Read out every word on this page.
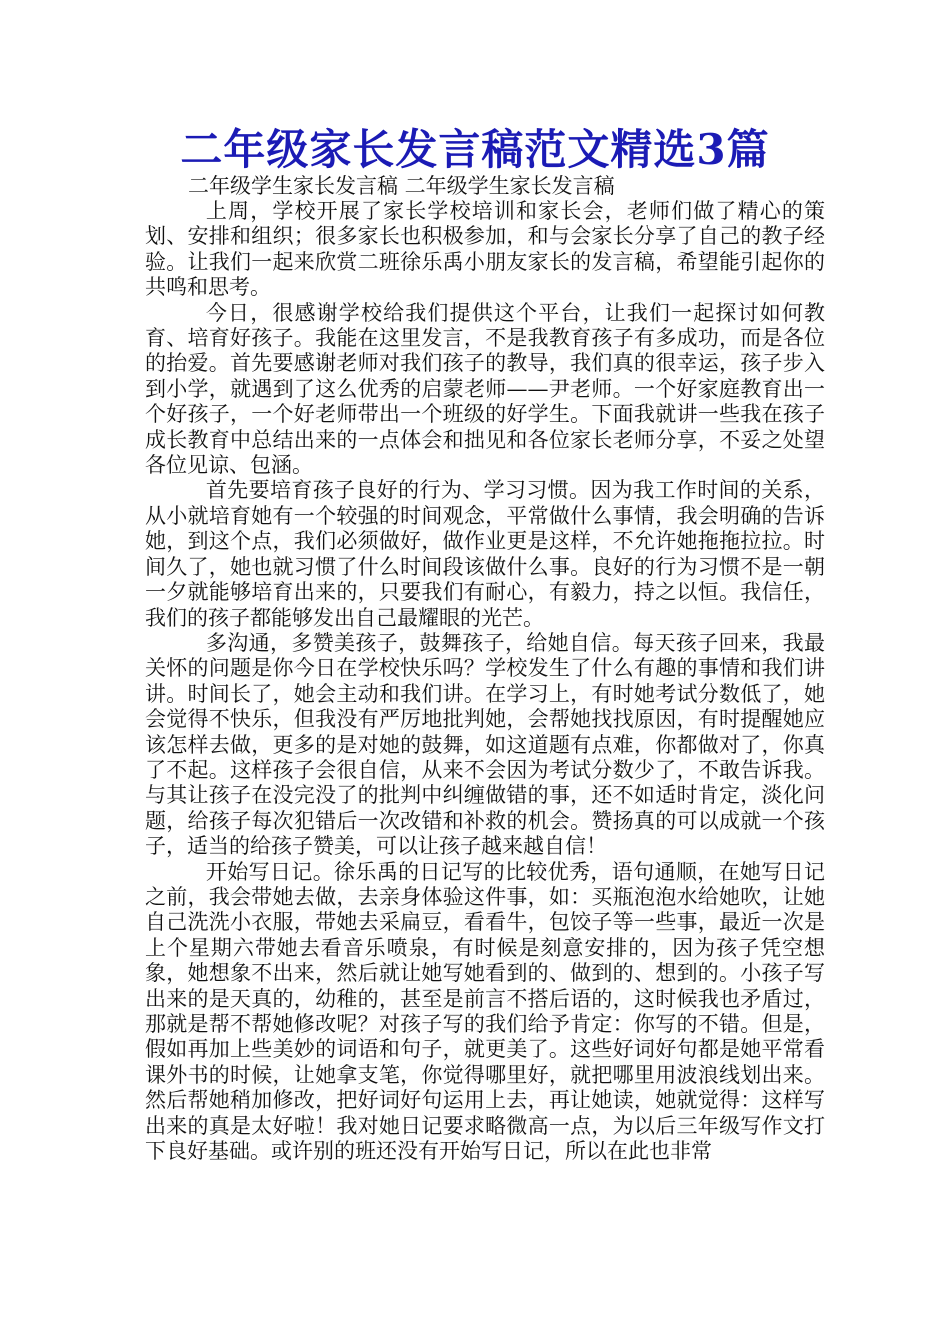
二年级家长发言稿范文精选3篇
二年级学生家长发言稿 二年级学生家长发言稿

上周，学校开展了家长学校培训和家长会，老师们做了精心的策划、安排和组织；很多家长也积极参加，和与会家长分享了自己的教子经验。让我们一起来欣赏二班徐乐禹小朋友家长的发言稿，希望能引起你的共鸣和思考。

今日，很感谢学校给我们提供这个平台，让我们一起探讨如何教育、培育好孩子。我能在这里发言，不是我教育孩子有多成功，而是各位的抬爱。首先要感谢老师对我们孩子的教导，我们真的很幸运，孩子步入到小学，就遇到了这么优秀的启蒙老师——尹老师。一个好家庭教育出一个好孩子，一个好老师带出一个班级的好学生。下面我就讲一些我在孩子成长教育中总结出来的一点体会和拙见和各位家长老师分享，不妥之处望各位见谅、包涵。

首先要培育孩子良好的行为、学习习惯。因为我工作时间的关系，从小就培育她有一个较强的时间观念，平常做什么事情，我会明确的告诉她，到这个点，我们必须做好，做作业更是这样，不允许她拖拖拉拉。时间久了，她也就习惯了什么时间段该做什么事。良好的行为习惯不是一朝一夕就能够培育出来的，只要我们有耐心，有毅力，持之以恒。我信任，我们的孩子都能够发出自己最耀眼的光芒。

多沟通，多赞美孩子，鼓舞孩子，给她自信。每天孩子回来，我最关怀的问题是你今日在学校快乐吗？学校发生了什么有趣的事情和我们讲讲。时间长了，她会主动和我们讲。在学习上，有时她考试分数低了，她会觉得不快乐，但我没有严厉地批判她，会帮她找找原因，有时提醒她应该怎样去做，更多的是对她的鼓舞，如这道题有点难，你都做对了，你真了不起。这样孩子会很自信，从来不会因为考试分数少了，不敢告诉我。与其让孩子在没完没了的批判中纠缠做错的事，还不如适时肯定，淡化问题，给孩子每次犯错后一次改错和补救的机会。赞扬真的可以成就一个孩子，适当的给孩子赞美，可以让孩子越来越自信！

开始写日记。徐乐禹的日记写的比较优秀，语句通顺，在她写日记之前，我会带她去做，去亲身体验这件事，如：买瓶泡泡水给她吹，让她自己洗洗小衣服，带她去采扁豆，看看牛，包饺子等一些事，最近一次是上个星期六带她去看音乐喷泉，有时候是刻意安排的，因为孩子凭空想象，她想象不出来，然后就让她写她看到的、做到的、想到的。小孩子写出来的是天真的，幼稚的，甚至是前言不搭后语的，这时候我也矛盾过，那就是帮不帮她修改呢？对孩子写的我们给予肯定：你写的不错。但是，假如再加上些美妙的词语和句子，就更美了。这些好词好句都是她平常看课外书的时候，让她拿支笔，你觉得哪里好，就把哪里用波浪线划出来。然后帮她稍加修改，把好词好句运用上去，再让她读，她就觉得：这样写出来的真是太好啦！我对她日记要求略微高一点，为以后三年级写作文打下良好基础。或许别的班还没有开始写日记，所以在此也非常
